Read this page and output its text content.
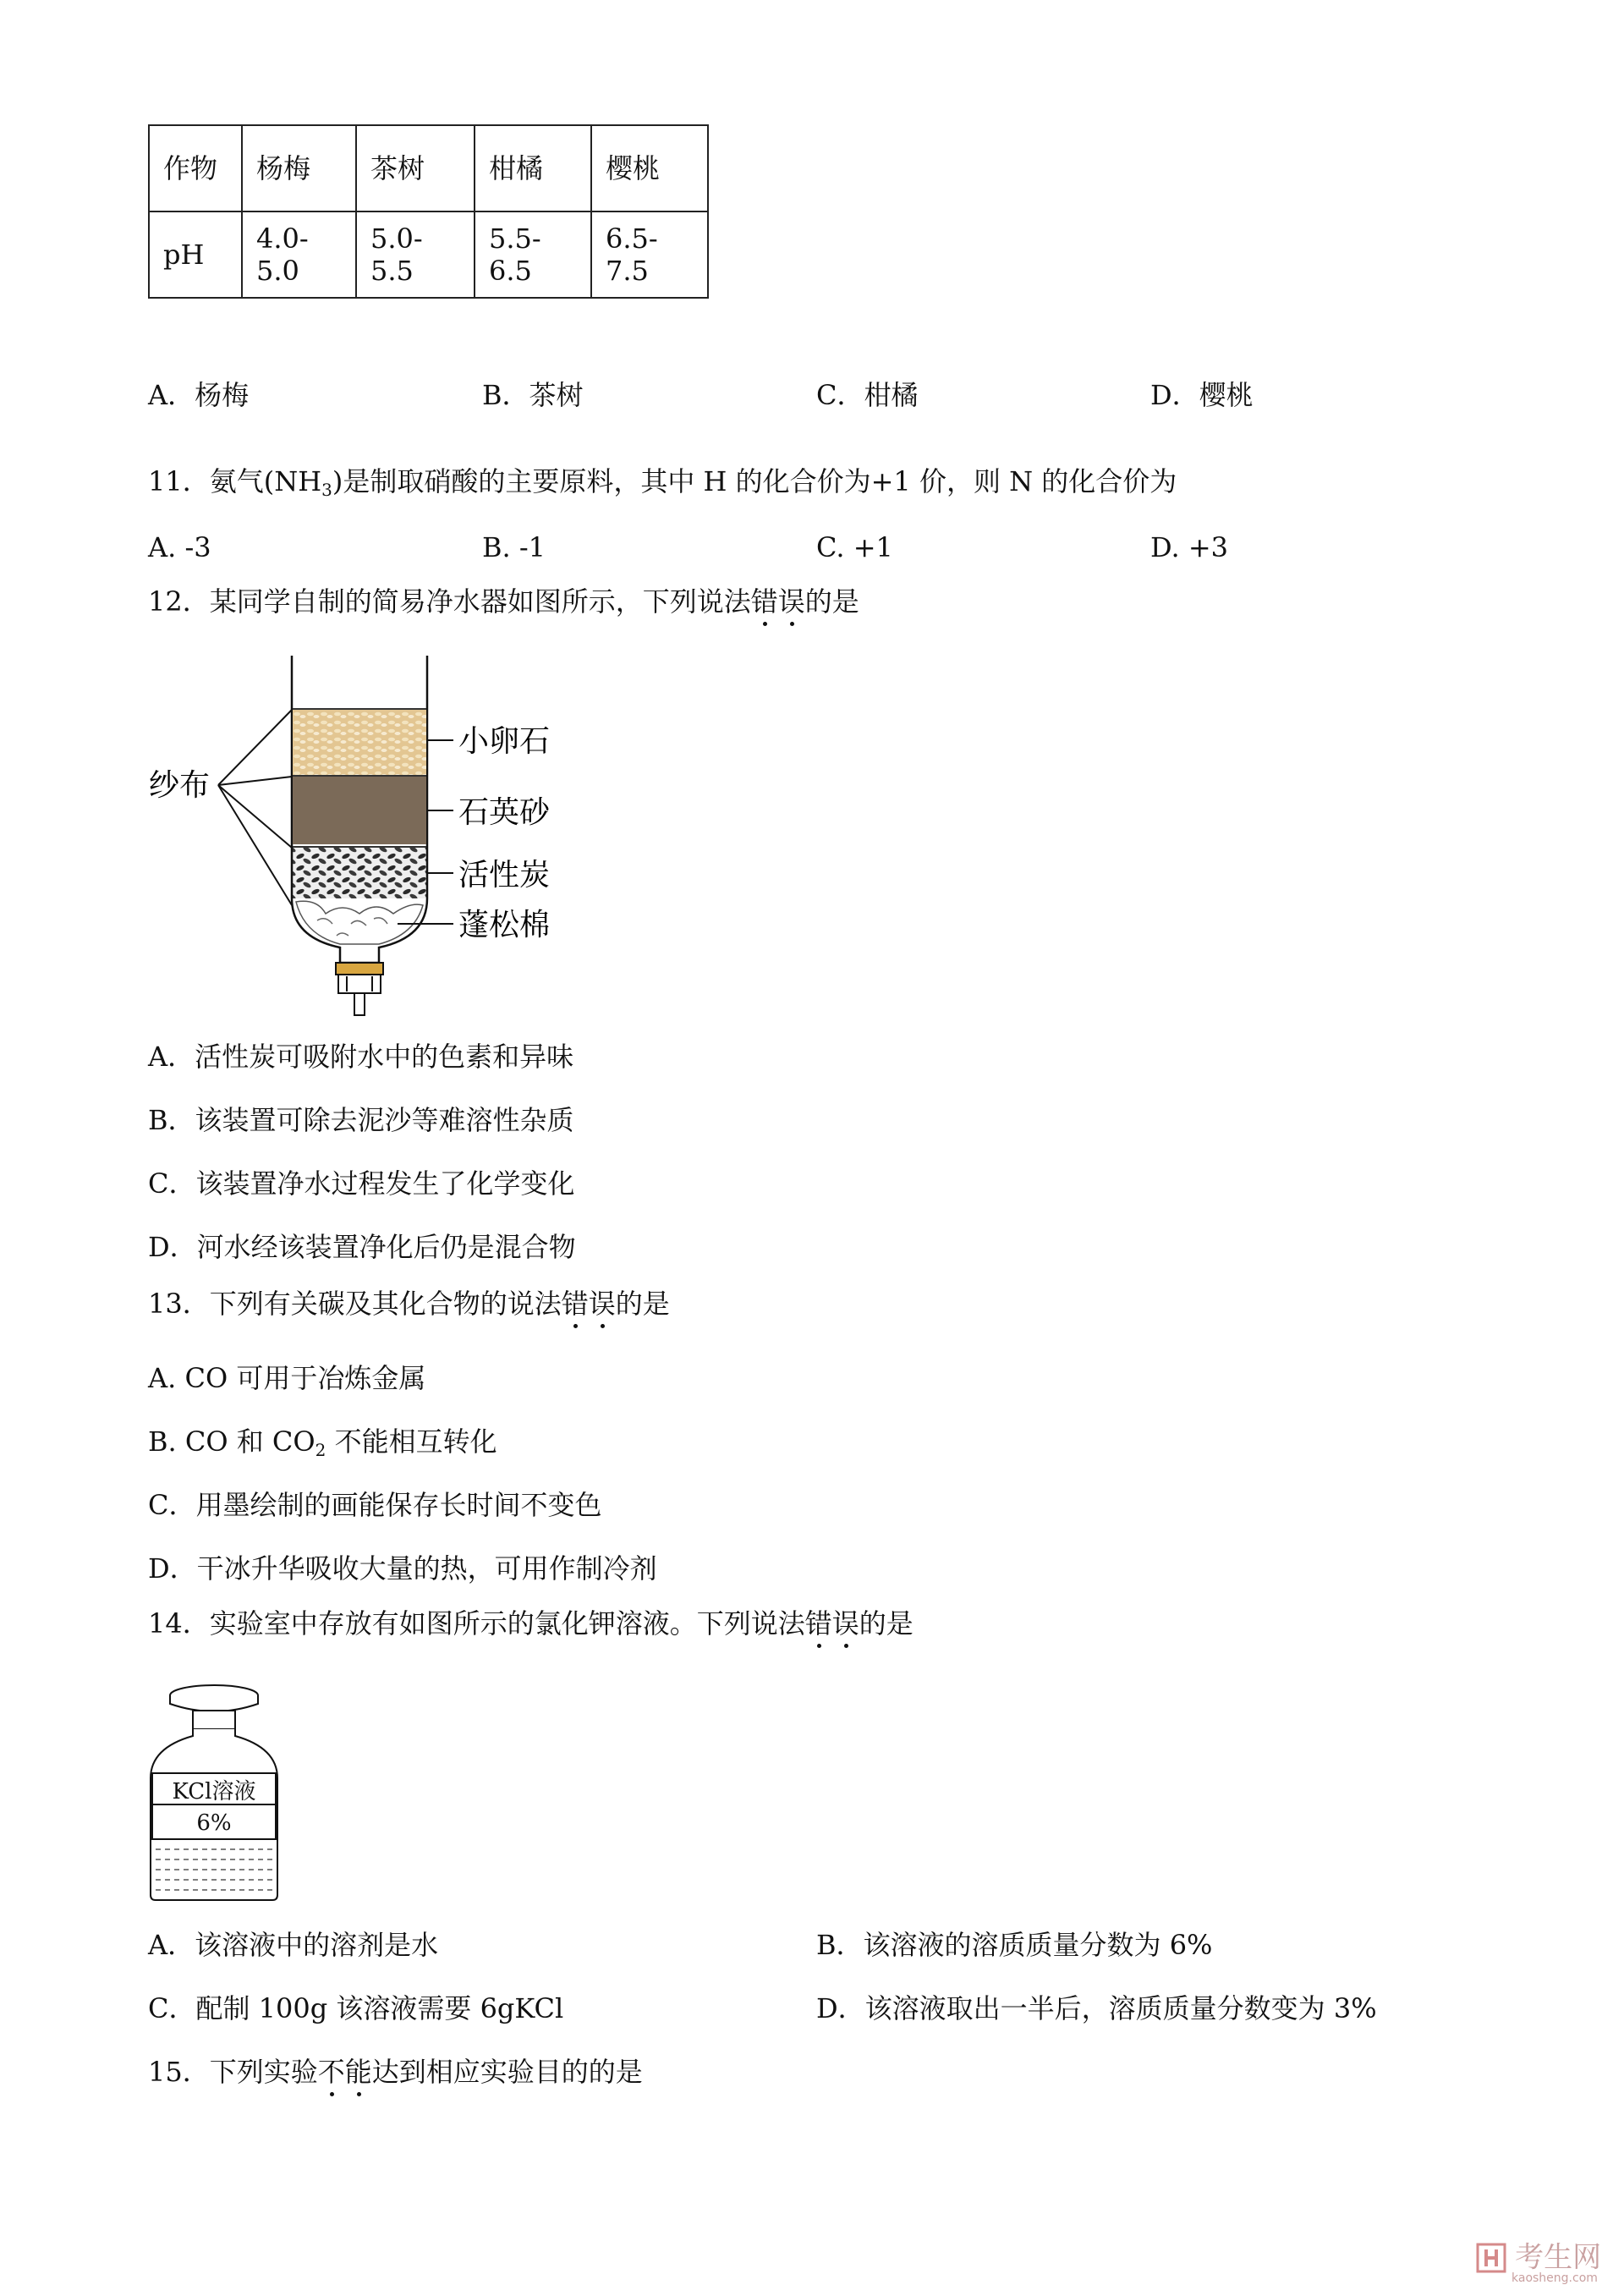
作物	杨梅	茶树	柑橘	樱桃
pH	4.0-5.0	5.0-5.5	5.5-6.5	6.5-7.5
A．杨梅	B．茶树	C．柑橘	D．樱桃
11．氨气$(NH_3)$是制取硝酸的主要原料，其中 H 的化合价为+1 价，则 N 的化合价为
A. -3	B. -1	C. +1	D. +3
12．某同学自制的简易净水器如图所示，下列说法错误的是
纱布
小卵石
石英砂
活性炭
蓬松棉
A．活性炭可吸附水中的色素和异味
B．该装置可除去泥沙等难溶性杂质
C．该装置净水过程发生了化学变化
D．河水经该装置净化后仍是混合物
13．下列有关碳及其化合物的说法错误的是
A. CO 可用于冶炼金属
B. CO 和 $CO_2$ 不能相互转化
C．用墨绘制的画能保存长时间不变色
D．干冰升华吸收大量的热，可用作制冷剂
14．实验室中存放有如图所示的氯化钾溶液。下列说法错误的是
KCl溶液
6%
A．该溶液中的溶剂是水	B．该溶液的溶质质量分数为 6%
C．配制 100g 该溶液需要 6gKCl	D．该溶液取出一半后，溶质质量分数变为 3%
15．下列实验不能达到相应实验目的的是
考生网
kaosheng.com
